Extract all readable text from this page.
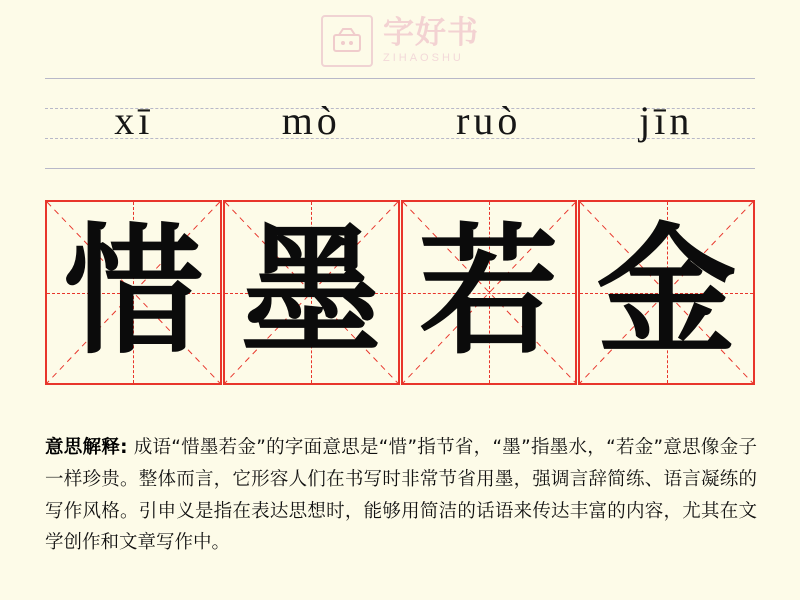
字好书
ZIHAOSHU
xī	mò	ruò	jīn
惜 墨 若 金
意思解释: 成语“惜墨若金”的字面意思是“惜”指节省，“墨”指墨水，“若金”意思像金子一样珍贵。整体而言，它形容人们在书写时非常节省用墨，强调言辞简练、语言凝练的写作风格。引申义是指在表达思想时，能够用简洁的话语来传达丰富的内容，尤其在文学创作和文章写作中。
